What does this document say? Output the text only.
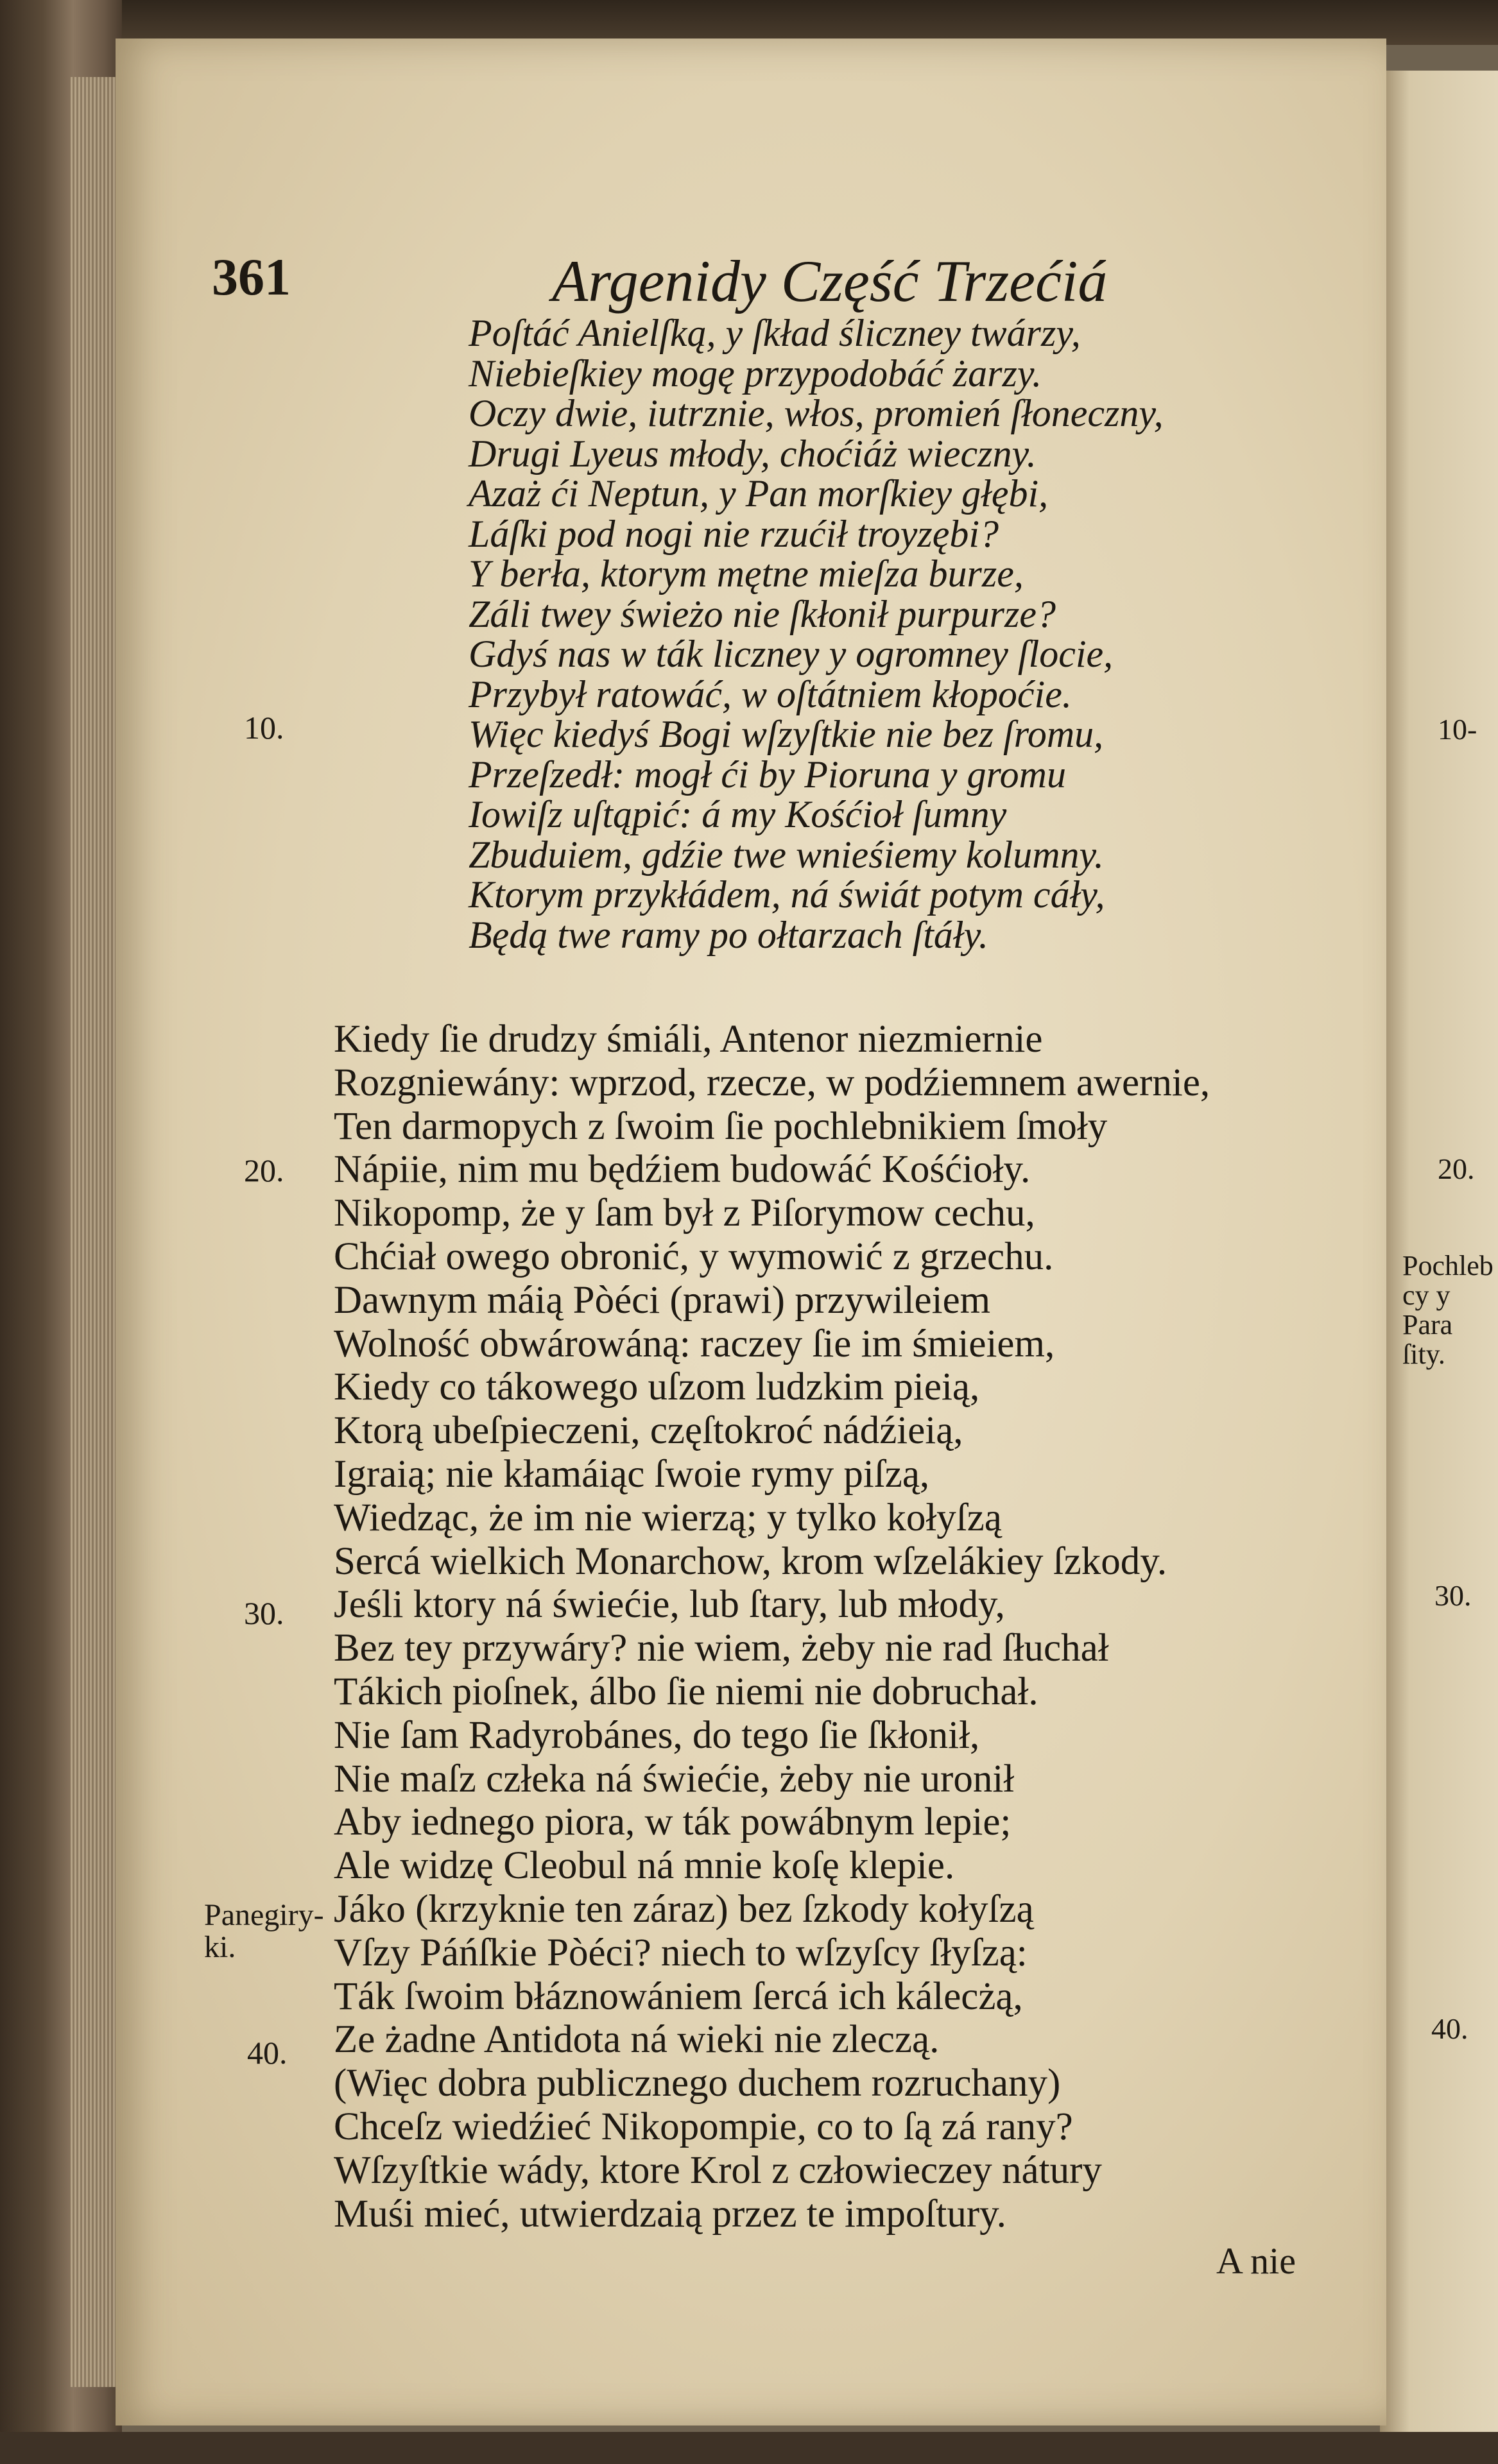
361	Argenidy Część Trzećiá
Poſtáć Anielſką, y ſkład śliczney twárzy,
Niebieſkiey mogę przypodobáć żarzy.
Oczy dwie, iutrznie, włos, promień ſłoneczny,
Drugi Lyeus młody, choćiáż wieczny.
Azaż ći Neptun, y Pan morſkiey głębi,
Láſki pod nogi nie rzućił troyzębi?
Y berła, ktorym mętne mieſza burze,
Záli twey świeżo nie ſkłonił purpurze?
Gdyś nas w ták liczney y ogromney ſlocie,
Przybył ratowáć, w oſtátniem kłopoćie.
Więc kiedyś Bogi wſzyſtkie nie bez ſromu,
Przeſzedł: mogł ći by Pioruna y gromu
Iowiſz uſtąpić: á my Kośćioł ſumny
Zbuduiem, gdźie twe wnieśiemy kolumny.
Ktorym przykłádem, ná świát potym cáły,
Będą twe ramy po ołtarzach ſtáły.
Kiedy ſie drudzy śmiáli, Antenor niezmiernie
Rozgniewány: wprzod, rzecze, w podźiemnem awernie,
Ten darmopych z ſwoim ſie pochlebnikiem ſmoły
Nápiie, nim mu będźiem budowáć Kośćioły.
Nikopomp, że y ſam był z Piſorymow cechu,
Chćiał owego obronić, y wymowić z grzechu.
Dawnym máią Pòéci (prawi) przywileiem
Wolność obwárowáną: raczey ſie im śmieiem,
Kiedy co tákowego uſzom ludzkim pieią,
Ktorą ubeſpieczeni, częſtokroć nádźieią,
Igraią; nie kłamáiąc ſwoie rymy piſzą,
Wiedząc, że im nie wierzą; y tylko kołyſzą
Sercá wielkich Monarchow, krom wſzelákiey ſzkody.
Jeśli ktory ná świećie, lub ſtary, lub młody,
Bez tey przywáry? nie wiem, żeby nie rad ſłuchał
Tákich pioſnek, álbo ſie niemi nie dobruchał.
Nie ſam Radyrobánes, do tego ſie ſkłonił,
Nie maſz człeka ná świećie, żeby nie uronił
Aby iednego piora, w ták powábnym lepie;
Ale widzę Cleobul ná mnie koſę klepie.
Jáko (krzyknie ten záraz) bez ſzkody kołyſzą
Vſzy Páńſkie Pòéci? niech to wſzyſcy ſłyſzą:
Ták ſwoim błáznowániem ſercá ich kálecżą,
Ze żadne Antidota ná wieki nie zleczą.
(Więc dobra publicznego duchem rozruchany)
Chceſz wiedźieć Nikopompie, co to ſą zá rany?
Wſzyſtkie wády, ktore Krol z człowieczey nátury
Muśi mieć, utwierdzaią przez te impoſtury.
10.
20.
30.
40.
Panegiry-
ki.
A nie
10-
20.
30.
40.
Pochleb
cy y Para
ſity.
